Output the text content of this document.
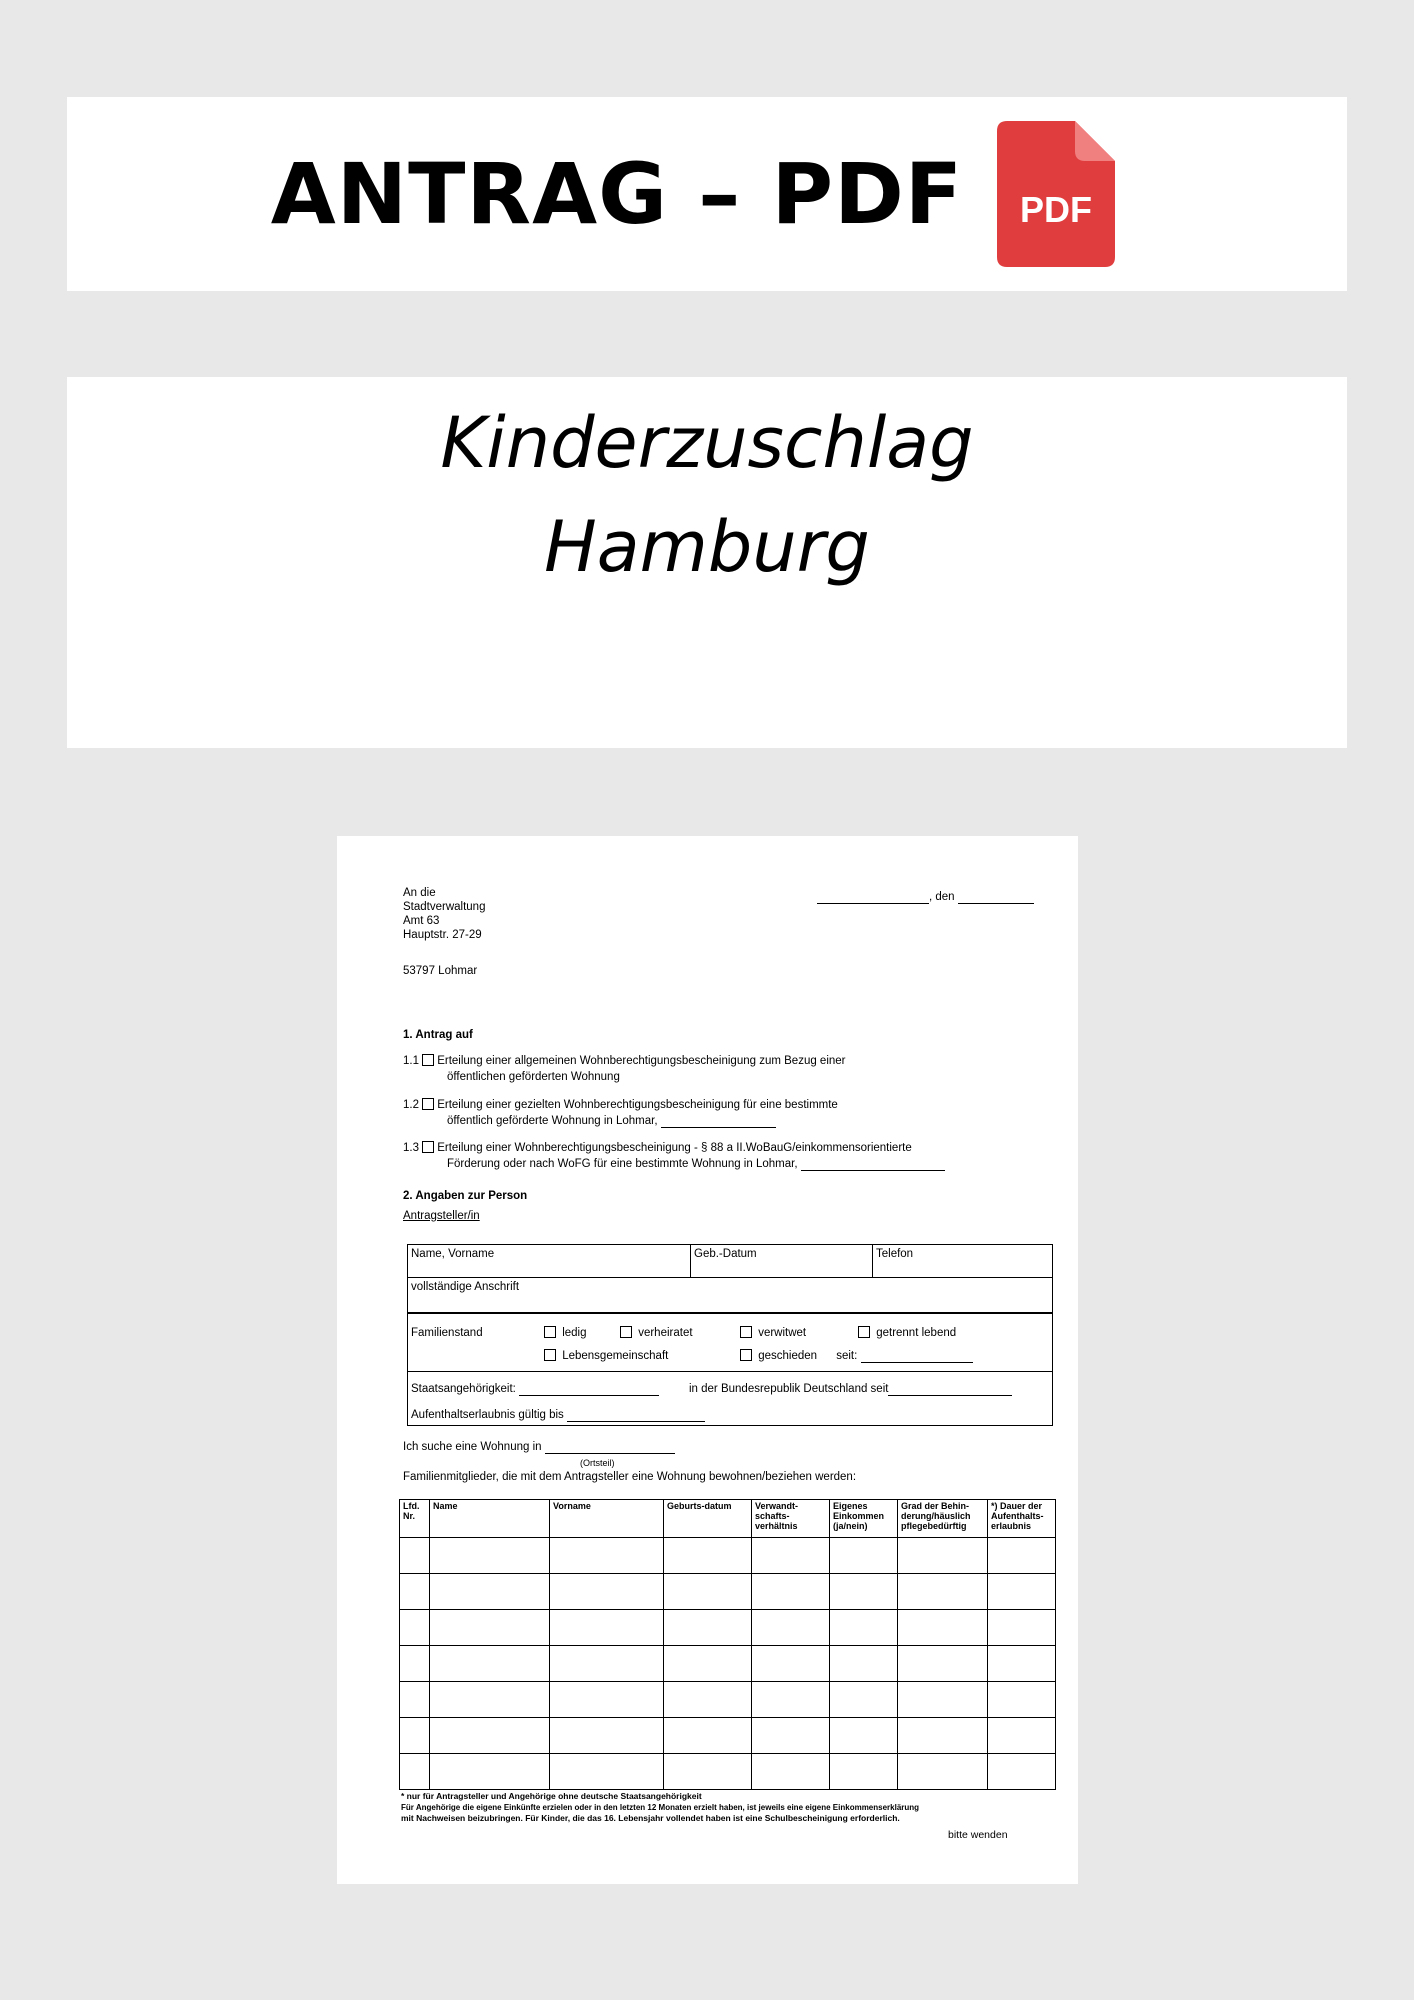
ANTRAG – PDF	PDF
Kinderzuschlag
Hamburg
An die
Stadtverwaltung
Amt 63
Hauptstr. 27-29
53797 Lohmar
, den
1. Antrag auf
1.1 Erteilung einer allgemeinen Wohnberechtigungsbescheinigung zum Bezug einer
öffentlichen geförderten Wohnung
1.2 Erteilung einer gezielten Wohnberechtigungsbescheinigung für eine bestimmte
öffentlich geförderte Wohnung in Lohmar,
1.3 Erteilung einer Wohnberechtigungsbescheinigung - § 88 a II.WoBauG/einkommensorientierte
Förderung oder nach WoFG für eine bestimmte Wohnung in Lohmar,
2. Angaben zur Person
Antragsteller/in
Name, Vorname	Geb.-Datum	Telefon
vollständige Anschrift
Familienstand	ledig	verheiratet	verwitwet	getrennt lebend
Lebensgemeinschaft	geschieden seit:
Staatsangehörigkeit:	in der Bundesrepublik Deutschland seit
Aufenthaltserlaubnis gültig bis
Ich suche eine Wohnung in
(Ortsteil)
Familienmitglieder, die mit dem Antragsteller eine Wohnung bewohnen/beziehen werden:
Lfd. Nr.	Name	Vorname	Geburts-datum	Verwandt-schafts-verhältnis	Eigenes Einkommen (ja/nein)	Grad der Behin-derung/häuslich pflegebedürftig	*) Dauer der Aufenthalts-erlaubnis

* nur für Antragsteller und Angehörige ohne deutsche Staatsangehörigkeit
Für Angehörige die eigene Einkünfte erzielen oder in den letzten 12 Monaten erzielt haben, ist jeweils eine eigene Einkommenserklärung
mit Nachweisen beizubringen. Für Kinder, die das 16. Lebensjahr vollendet haben ist eine Schulbescheinigung erforderlich.
bitte wenden
